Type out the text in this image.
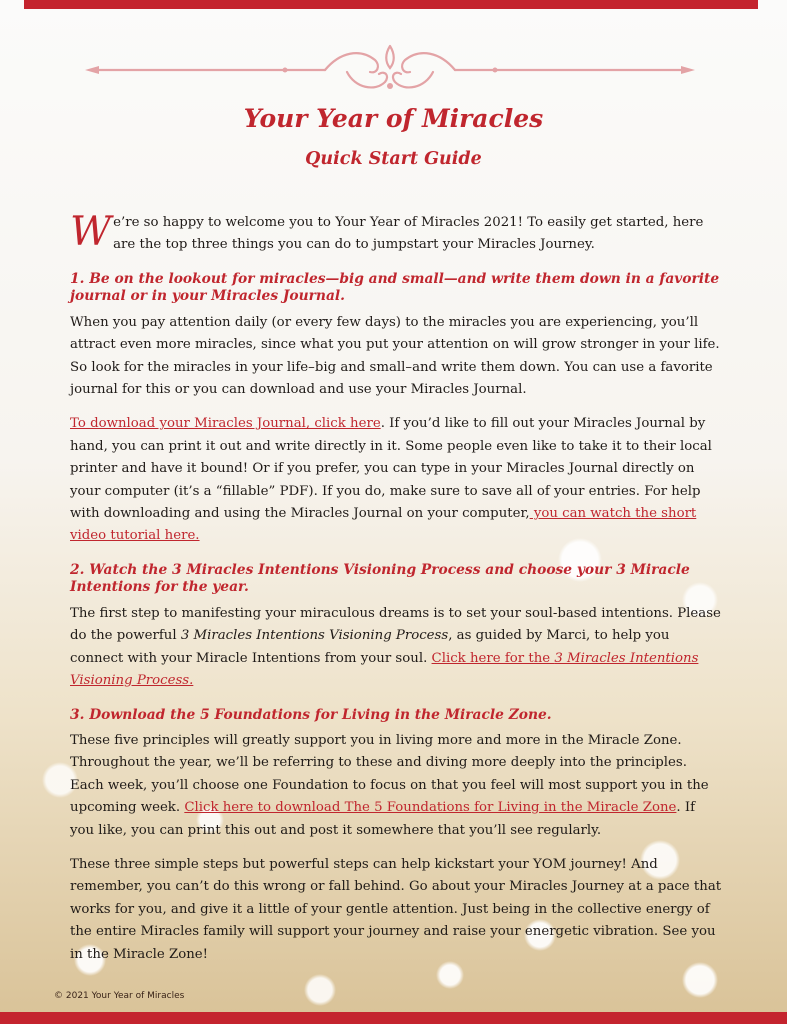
Your Year of Miracles
Quick Start Guide

We’re so happy to welcome you to Your Year of Miracles 2021! To easily get started, here are the top three things you can do to jumpstart your Miracles Journey.

1. Be on the lookout for miracles—big and small—and write them down in a favorite journal or in your Miracles Journal.

When you pay attention daily (or every few days) to the miracles you are experiencing, you’ll attract even more miracles, since what you put your attention on will grow stronger in your life. So look for the miracles in your life–big and small–and write them down. You can use a favorite journal for this or you can download and use your Miracles Journal.

To download your Miracles Journal, click here. If you’d like to fill out your Miracles Journal by hand, you can print it out and write directly in it. Some people even like to take it to their local printer and have it bound! Or if you prefer, you can type in your Miracles Journal directly on your computer (it’s a “fillable” PDF). If you do, make sure to save all of your entries. For help with downloading and using the Miracles Journal on your computer, you can watch the short video tutorial here.

2. Watch the 3 Miracles Intentions Visioning Process and choose your 3 Miracle Intentions for the year.

The first step to manifesting your miraculous dreams is to set your soul-based intentions. Please do the powerful 3 Miracles Intentions Visioning Process, as guided by Marci, to help you connect with your Miracle Intentions from your soul. Click here for the 3 Miracles Intentions Visioning Process.

3. Download the 5 Foundations for Living in the Miracle Zone.

These five principles will greatly support you in living more and more in the Miracle Zone. Throughout the year, we’ll be referring to these and diving more deeply into the principles. Each week, you’ll choose one Foundation to focus on that you feel will most support you in the upcoming week. Click here to download The 5 Foundations for Living in the Miracle Zone. If you like, you can print this out and post it somewhere that you’ll see regularly.

These three simple steps but powerful steps can help kickstart your YOM journey! And remember, you can’t do this wrong or fall behind. Go about your Miracles Journey at a pace that works for you, and give it a little of your gentle attention. Just being in the collective energy of the entire Miracles family will support your journey and raise your energetic vibration. See you in the Miracle Zone!

© 2021 Your Year of Miracles
